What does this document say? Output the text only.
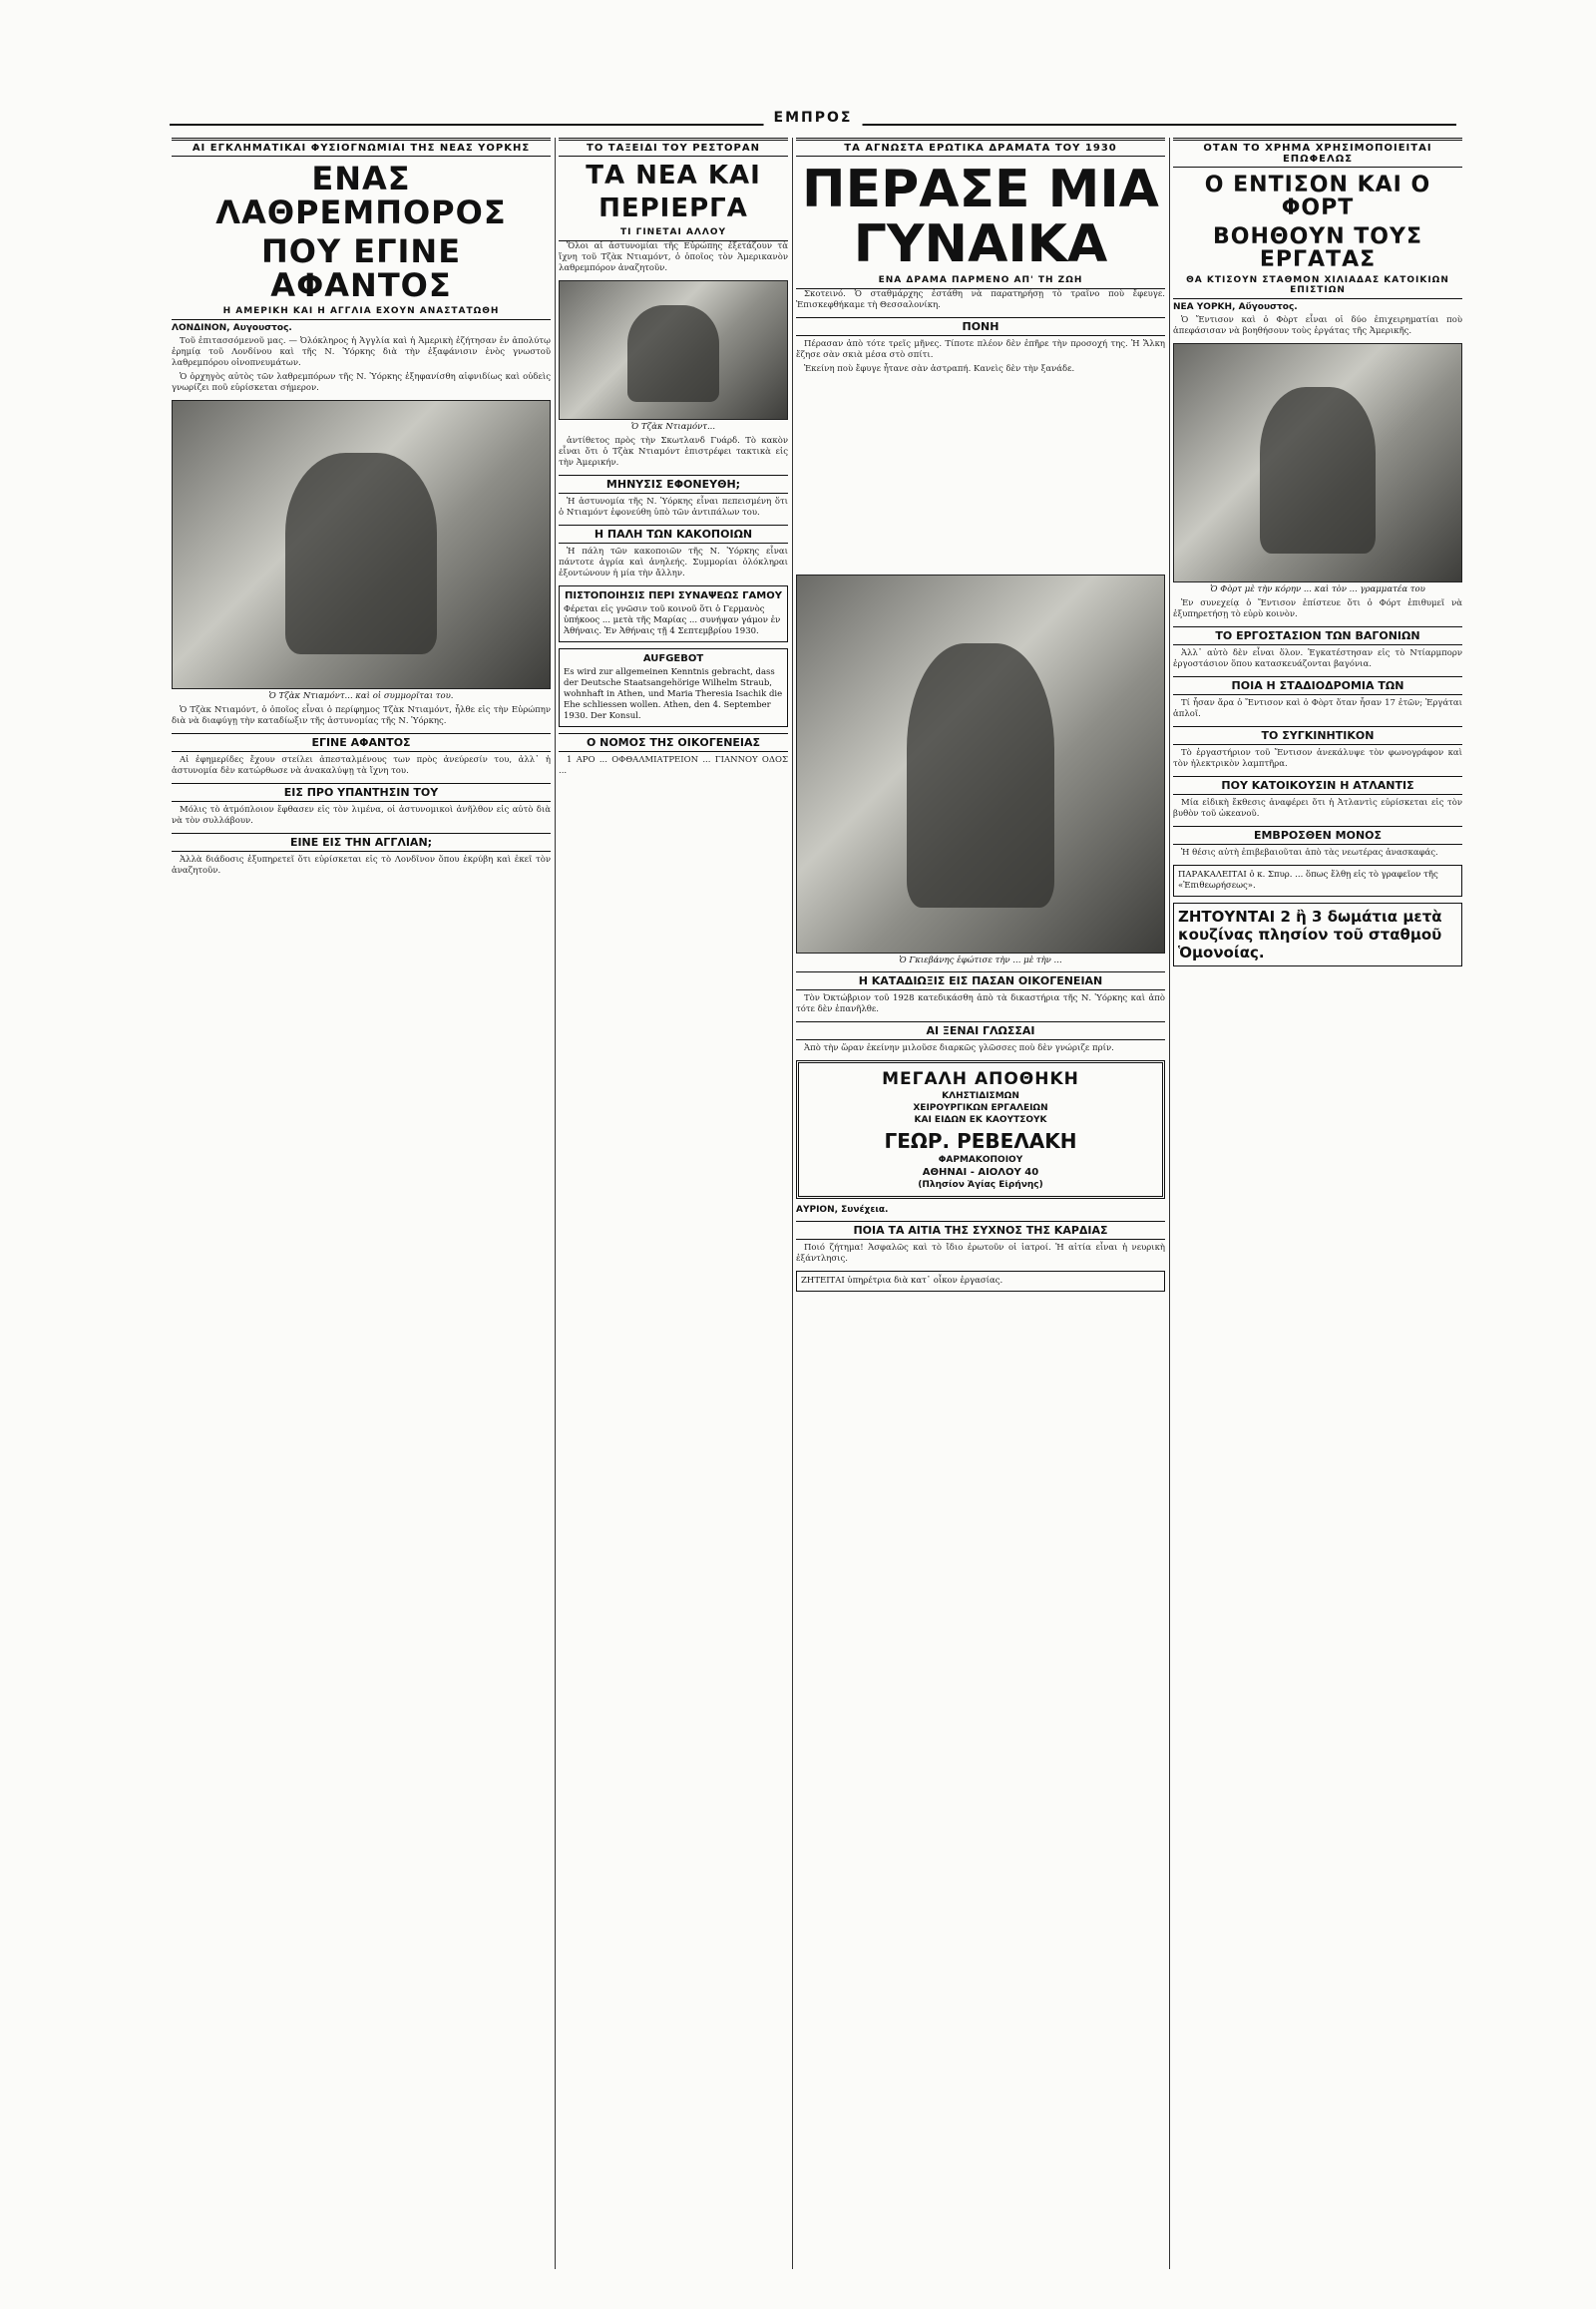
ΕΜΠΡΟΣ
ΑΙ ΕΓΚΛΗΜΑΤΙΚΑΙ ΦΥΣΙΟΓΝΩΜΙΑΙ ΤΗΣ ΝΕΑΣ ΥΟΡΚΗΣ
ΕΝΑΣ ΛΑΘΡΕΜΠΟΡΟΣ
ΠΟΥ ΕΓΙΝΕ ΑΦΑΝΤΟΣ
Η ΑΜΕΡΙΚΗ ΚΑΙ Η ΑΓΓΛΙΑ ΕΧΟΥΝ ΑΝΑΣΤΑΤΩΘΗ
ΛΟΝΔΙΝΟΝ, Αυγουστος.

Τοῦ ἐπιτασσόμενοῦ μας. — Ὀλόκληρος ἡ Ἀγγλία καὶ ἡ Ἀμερικὴ ἐζήτησαν ἐν ἀπολύτῳ ἐρημίᾳ τοῦ Λονδίνου καὶ τῆς Ν. Ὑόρκης διὰ τὴν ἐξαφάνισιν ἑνὸς γνωστοῦ λαθρεμπόρου οἰνοπνευμάτων.

Ὁ ὀρχηγὸς αὐτὸς τῶν λαθρεμπόρων τῆς Ν. Ὑόρκης ἐξηφανίσθη αἰφνιδίως καὶ οὐδεὶς γνωρίζει ποῦ εὑρίσκεται σήμερον.

Ὁ Τζὰκ Ντιαμόντ... καὶ οἱ συμμορῖται του.

Ὁ Τζὰκ Ντιαμόντ, ὁ ὁποῖος εἶναι ὁ περίφημος Τζὰκ Ντιαμόντ, ἦλθε εἰς τὴν Εὐρώπην διὰ νὰ διαφύγῃ τὴν καταδίωξιν τῆς ἀστυνομίας τῆς Ν. Ὑόρκης.

ΕΓΙΝΕ ΑΦΑΝΤΟΣ

Αἱ ἐφημερίδες ἔχουν στείλει ἀπεσταλμένους των πρὸς ἀνεύρεσίν του, ἀλλ᾿ ἡ ἀστυνομία δὲν κατώρθωσε νὰ ἀνακαλύψῃ τὰ ἴχνη του.

ΕΙΣ ΠΡΟ ΥΠΑΝΤΗΣΙΝ ΤΟΥ

Μόλις τὸ ἀτμόπλοιον ἔφθασεν εἰς τὸν λιμένα, οἱ ἀστυνομικοὶ ἀνῆλθον εἰς αὐτὸ διὰ νὰ τὸν συλλάβουν.

ΕΙΝΕ ΕΙΣ ΤΗΝ ΑΓΓΛΙΑΝ;

Ἀλλὰ διάδοσις ἐξυπηρετεῖ ὅτι εὑρίσκεται εἰς τὸ Λονδῖνον ὅπου ἐκρύβη καὶ ἐκεῖ τὸν ἀναζητοῦν.

ΤΟ ΤΑΞΕΙΔΙ ΤΟΥ ΡΕΣΤΟΡΑΝ
ΤΑ ΝΕΑ ΚΑΙ
ΠΕΡΙΕΡΓΑ
ΤΙ ΓΙΝΕΤΑΙ ΑΛΛΟΥ

Ὅλοι αἱ ἀστυνομίαι τῆς Εὐρώπης ἐξετάζουν τὰ ἴχνη τοῦ Τζὰκ Ντιαμόντ, ὁ ὁποῖος τὸν Ἀμερικανὸν λαθρεμπόρον ἀναζητοῦν.

Ὁ Τζὰκ Ντιαμόντ...

ἀντίθετος πρὸς τὴν Σκωτλανδ Γυάρδ. Τὸ κακὸν εἶναι ὅτι ὁ Τζὰκ Ντιαμόντ ἐπιστρέφει τακτικὰ εἰς τὴν Ἀμερικήν.

ΜΗΝΥΣΙΣ ΕΦΟΝΕΥΘΗ;

Ἡ ἀστυνομία τῆς Ν. Ὑόρκης εἶναι πεπεισμένη ὅτι ὁ Ντιαμόντ ἐφονεύθη ὑπὸ τῶν ἀντιπάλων του.

Η ΠΑΛΗ ΤΩΝ ΚΑΚΟΠΟΙΩΝ

Ἡ πάλη τῶν κακοποιῶν τῆς Ν. Ὑόρκης εἶναι πάντοτε ἀγρία καὶ ἀνηλεής. Συμμορίαι ὁλόκληραι ἐξοντώνουν ἡ μία τὴν ἄλλην.

ΠΙΣΤΟΠΟΙΗΣΙΣ ΠΕΡΙ ΣΥΝΑΨΕΩΣ ΓΑΜΟΥ
Φέρεται εἰς γνῶσιν τοῦ κοινοῦ ὅτι ὁ Γερμανὸς ὑπήκοος ... μετὰ τῆς Μαρίας ... συνήψαν γάμον ἐν Ἀθήναις. Ἐν Ἀθήναις τῇ 4 Σεπτεμβρίου 1930.
AUFGEBOT
Es wird zur allgemeinen Kenntnis gebracht, dass der Deutsche Staatsangehörige Wilhelm Straub, wohnhaft in Athen, und Maria Theresia Isachik die Ehe schliessen wollen. Athen, den 4. September 1930. Der Konsul.
Ο ΝΟΜΟΣ ΤΗΣ ΟΙΚΟΓΕΝΕΙΑΣ

1 ΑΡΟ ... ΟΦΘΑΛΜΙΑΤΡΕΙΟΝ ... ΓΙΑΝΝΟΥ ΟΔΟΣ ...

ΤΑ ΑΓΝΩΣΤΑ ΕΡΩΤΙΚΑ ΔΡΑΜΑΤΑ ΤΟΥ 1930
ΠΕΡΑΣΕ ΜΙΑ ΓΥΝΑΙΚΑ
ΕΝΑ ΔΡΑΜΑ ΠΑΡΜΕΝΟ ΑΠ' ΤΗ ΖΩΗ

Σκοτεινό. Ὁ σταθμάρχης ἐστάθη νὰ παρατηρήσῃ τὸ τραῖνο ποὺ ἔφευγε. Ἐπισκεφθήκαμε τὴ Θεσσαλονίκη.

ΠΟΝΗ

Πέρασαν ἀπὸ τότε τρεῖς μῆνες. Τίποτε πλέον δὲν ἐπῆρε τὴν προσοχή της. Ἡ Ἄλκη ἔζησε σὰν σκιὰ μέσα στὸ σπίτι.

Ἐκείνη ποὺ ἔφυγε ἦτανε σὰν ἀστραπή. Κανεὶς δὲν τὴν ξανάδε.

Ὁ Γκιεβάνης ἐφώτισε τὴν ... μὲ τὴν ...
Η ΚΑΤΑΔΙΩΞΙΣ ΕΙΣ ΠΑΣΑΝ ΟΙΚΟΓΕΝΕΙΑΝ

Τὸν Ὀκτώβριον τοῦ 1928 κατεδικάσθη ἀπὸ τὰ δικαστήρια τῆς Ν. Ὑόρκης καὶ ἀπὸ τότε δὲν ἐπανῆλθε.

ΑΙ ΞΕΝΑΙ ΓΛΩΣΣΑΙ

Ἀπὸ τὴν ὥραν ἐκείνην μιλοῦσε διαρκῶς γλῶσσες ποὺ δὲν γνώριζε πρίν.

ΜΕΓΑΛΗ ΑΠΟΘΗΚΗ
ΚΛΗΣΤΙΔΙΣΜΩΝ
ΧΕΙΡΟΥΡΓΙΚΩΝ ΕΡΓΑΛΕΙΩΝ
ΚΑΙ ΕΙΔΩΝ ΕΚ ΚΑΟΥΤΣΟΥΚ
ΓΕΩΡ. ΡΕΒΕΛΑΚΗ
ΦΑΡΜΑΚΟΠΟΙΟΥ
ΑΘΗΝΑΙ - ΑΙΟΛΟΥ 40
(Πλησίον Ἁγίας Εἰρήνης)
ΑΥΡΙΟΝ, Συνέχεια.
ΠΟΙΑ ΤΑ ΑΙΤΙΑ ΤΗΣ ΣΥΧΝΟΣ ΤΗΣ ΚΑΡΔΙΑΣ

Ποιό ζήτημα! Ἀσφαλῶς καὶ τὸ ἴδιο ἐρωτοῦν οἱ ἰατροί. Ἡ αἰτία εἶναι ἡ νευρικὴ ἐξάντλησις.

ΖΗΤΕΙΤΑΙ ὑπηρέτρια διὰ κατ᾿ οἶκον ἐργασίας.
ΟΤΑΝ ΤΟ ΧΡΗΜΑ ΧΡΗΣΙΜΟΠΟΙΕΙΤΑΙ ΕΠΩΦΕΛΩΣ
Ο ΕΝΤΙΣΟΝ ΚΑΙ Ο ΦΟΡΤ
ΒΟΗΘΟΥΝ ΤΟΥΣ ΕΡΓΑΤΑΣ
ΘΑ ΚΤΙΣΟΥΝ ΣΤΑΘΜΟΝ ΧΙΛΙΑΔΑΣ ΚΑΤΟΙΚΙΩΝ ΕΠΙΣΤΙΩΝ
ΝΕΑ ΥΟΡΚΗ, Αὔγουστος.

Ὁ Ἔντισον καὶ ὁ Φὸρτ εἶναι οἱ δύο ἐπιχειρηματίαι ποὺ ἀπεφάσισαν νὰ βοηθήσουν τοὺς ἐργάτας τῆς Ἀμερικῆς.

Ὁ Φὸρτ μὲ τὴν κόρην ... καὶ τὸν ... γραμματέα του

Ἐν συνεχείᾳ ὁ Ἔντισον ἐπίστευε ὅτι ὁ Φόρτ ἐπιθυμεῖ νὰ ἐξυπηρετήσῃ τὸ εὐρὺ κοινὸν.

ΤΟ ΕΡΓΟΣΤΑΣΙΟΝ ΤΩΝ ΒΑΓΟΝΙΩΝ

Ἀλλ᾿ αὐτὸ δὲν εἶναι ὅλον. Ἐγκατέστησαν εἰς τὸ Ντίαρμπορν ἐργοστάσιον ὅπου κατασκευάζονται βαγόνια.

ΠΟΙΑ Η ΣΤΑΔΙΟΔΡΟΜΙΑ ΤΩΝ

Τί ἦσαν ἄρα ὁ Ἔντισον καὶ ὁ Φὸρτ ὅταν ἦσαν 17 ἐτῶν; Ἐργάται ἁπλοῖ.

ΤΟ ΣΥΓΚΙΝΗΤΙΚΟΝ

Τὸ ἐργαστήριον τοῦ Ἔντισον ἀνεκάλυψε τὸν φωνογράφον καὶ τὸν ἠλεκτρικὸν λαμπτῆρα.

ΠΟΥ ΚΑΤΟΙΚΟΥΣΙΝ Η ΑΤΛΑΝΤΙΣ

Μία εἰδικὴ ἔκθεσις ἀναφέρει ὅτι ἡ Ἀτλαντὶς εὑρίσκεται εἰς τὸν βυθὸν τοῦ ὠκεανοῦ.

ΕΜΒΡΟΣΘΕΝ ΜΟΝΟΣ

Ἡ θέσις αὐτὴ ἐπιβεβαιοῦται ἀπὸ τὰς νεωτέρας ἀνασκαφάς.

ΠΑΡΑΚΑΛΕΙΤΑΙ ὁ κ. Σπυρ. ... ὅπως ἔλθῃ εἰς τὸ γραφεῖον τῆς «Ἐπιθεωρήσεως».
ΖΗΤΟΥΝΤΑΙ 2 ἢ 3 δωμάτια μετὰ κουζίνας πλησίον τοῦ σταθμοῦ Ὁμονοίας.
